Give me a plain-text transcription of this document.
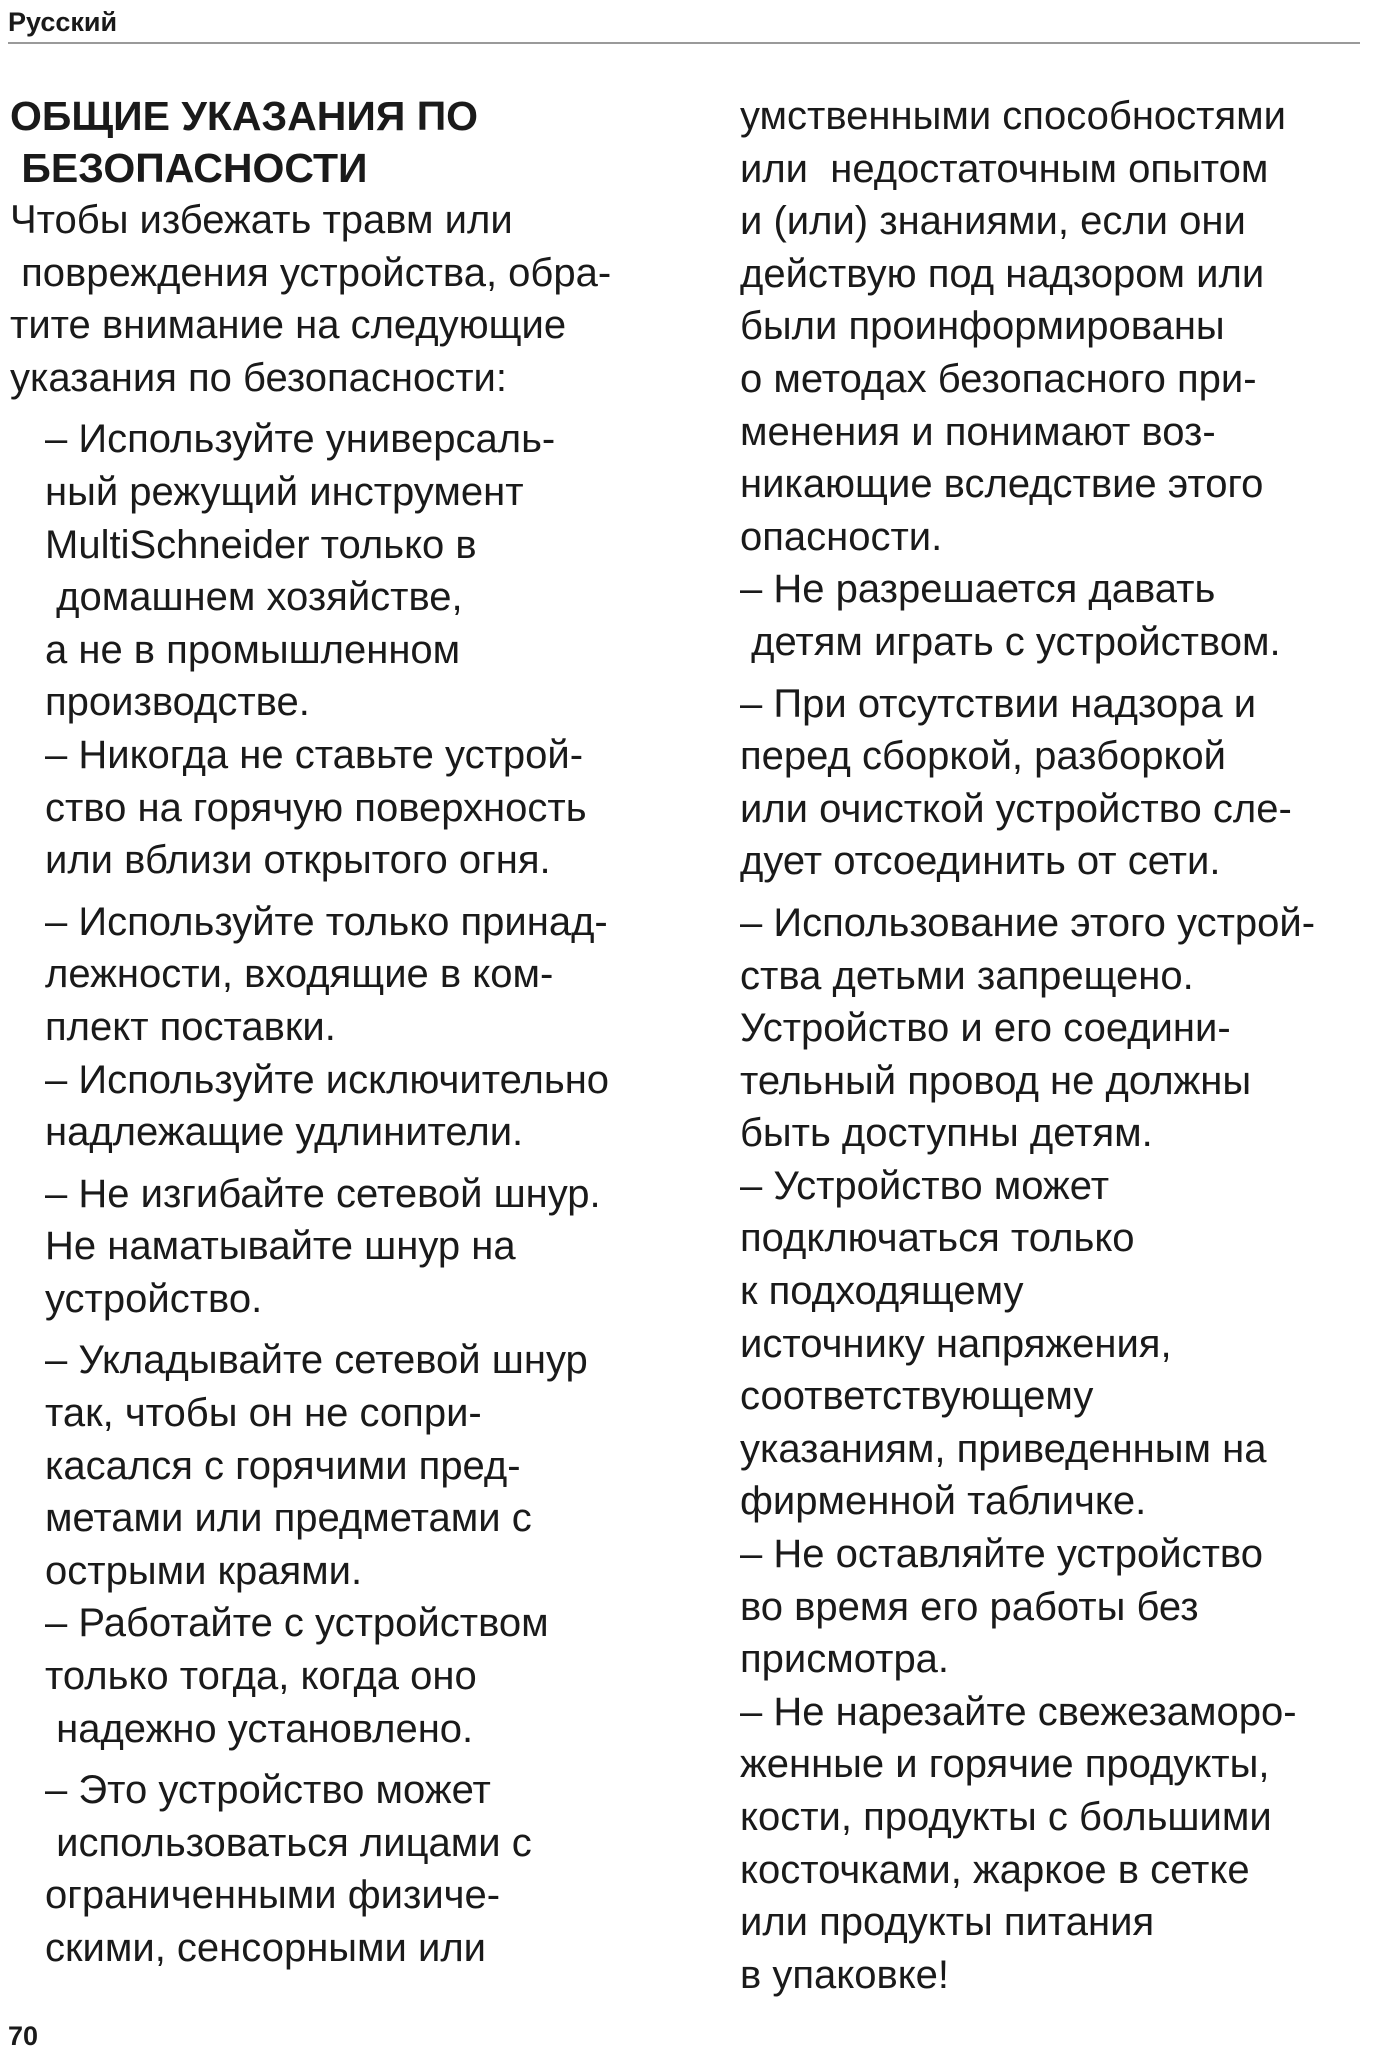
Русский
ОБЩИЕ УКАЗАНИЯ ПО
БЕЗОПАСНОСТИ
Чтобы избежать травм или
повреждения устройства, обра-
тите внимание на следующие
указания по безопасности:
– Используйте универсаль-
ный режущий инструмент
MultiSchneider только в
домашнем хозяйстве,
а не в промышленном
производстве.
– Никогда не ставьте устрой-
ство на горячую поверхность
или вблизи открытого огня.
– Используйте только принад-
лежности, входящие в ком-
плект поставки.
– Используйте исключительно
надлежащие удлинители.
– Не изгибайте сетевой шнур.
Не наматывайте шнур на
устройство.
– Укладывайте сетевой шнур
так, чтобы он не сопри-
касался с горячими пред-
метами или предметами с
острыми краями.
– Работайте с устройством
только тогда, когда оно
надежно установлено.
– Это устройство может
использоваться лицами с
ограниченными физиче-
скими, сенсорными или
умственными способностями
или  недостаточным опытом
и (или) знаниями, если они
действую под надзором или
были проинформированы
о методах безопасного при-
менения и понимают воз-
никающие вследствие этого
опасности.
– Не разрешается давать
детям играть с устройством.
– При отсутствии надзора и
перед сборкой, разборкой
или очисткой устройство сле-
дует отсоединить от сети.
– Использование этого устрой-
ства детьми запрещено.
Устройство и его соедини-
тельный провод не должны
быть доступны детям.
– Устройство может
подключаться только
к подходящему
источнику напряжения,
соответствующему
указаниям, приведенным на
фирменной табличке.
– Не оставляйте устройство
во время его работы без
присмотра.
– Не нарезайте свежезаморо-
женные и горячие продукты,
кости, продукты с большими
косточками, жаркое в сетке
или продукты питания
в упаковке!
70
